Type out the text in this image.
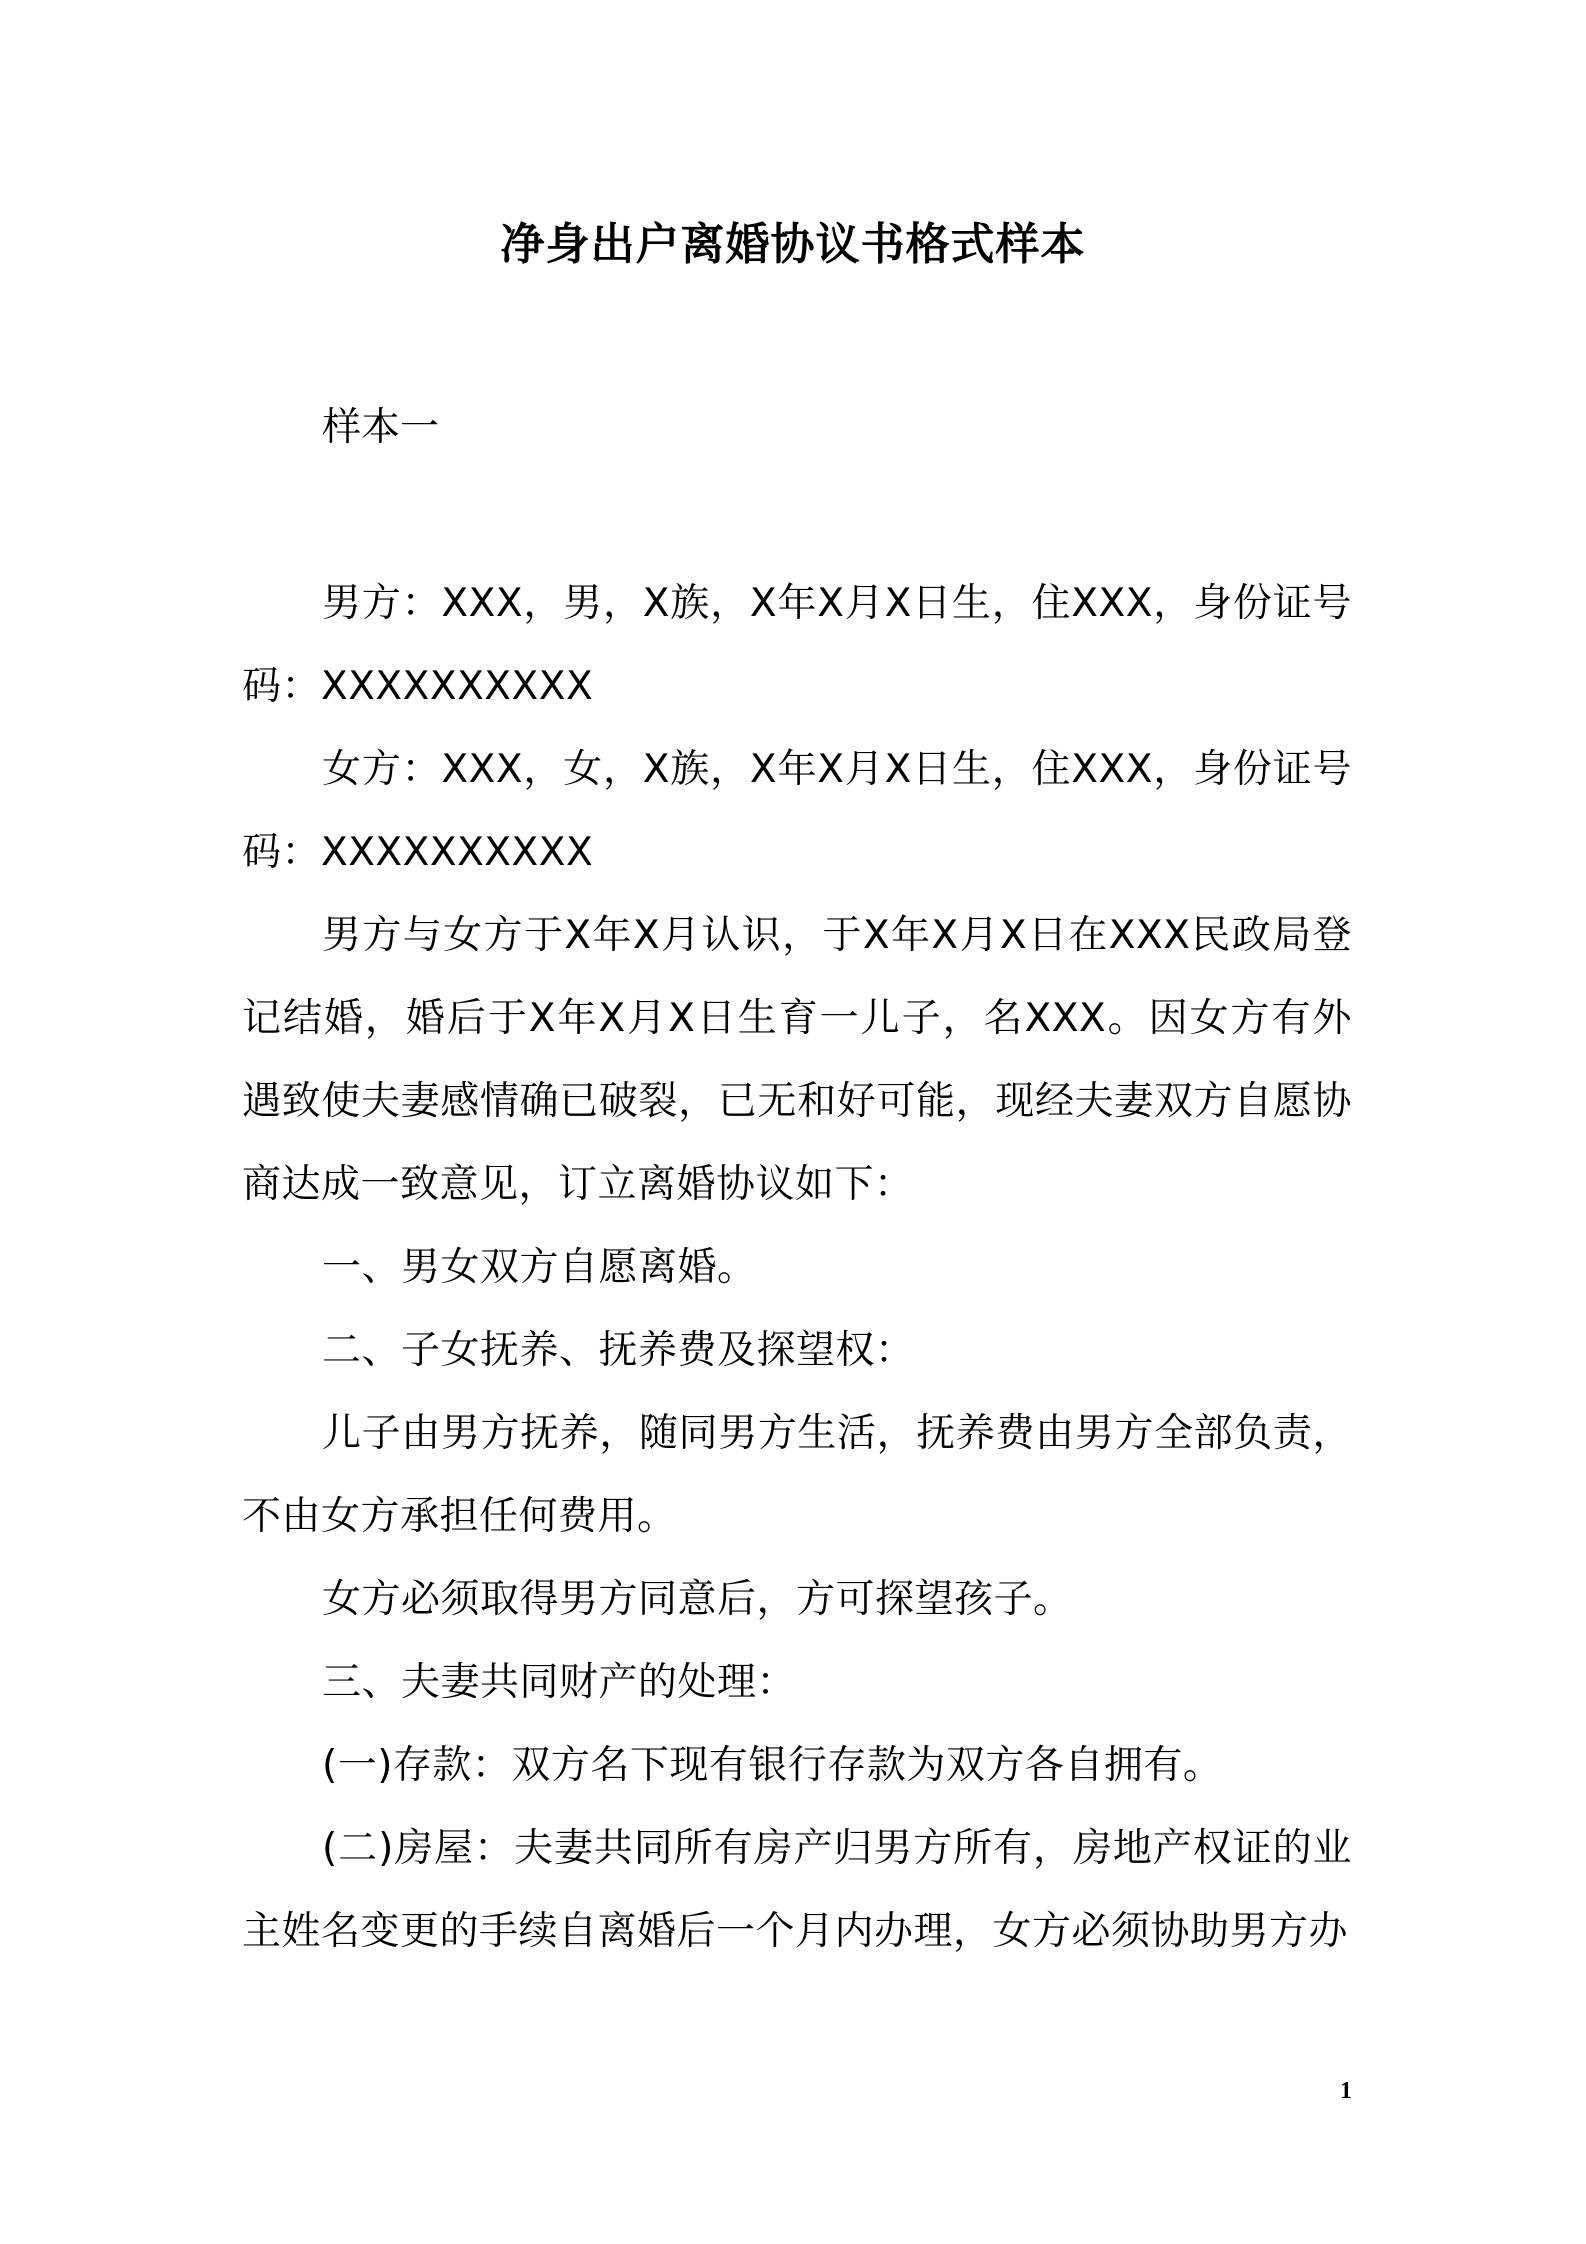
净身出户离婚协议书格式样本
样本一

男方：XXX，男，X族，X年X月X日生，住XXX，身份证号码：XXXXXXXXXX

女方：XXX，女，X族，X年X月X日生，住XXX，身份证号码：XXXXXXXXXX

男方与女方于X年X月认识，于X年X月X日在XXX民政局登记结婚，婚后于X年X月X日生育一儿子，名XXX。因女方有外遇致使夫妻感情确已破裂，已无和好可能，现经夫妻双方自愿协商达成一致意见，订立离婚协议如下：

一、男女双方自愿离婚。

二、子女抚养、抚养费及探望权：

儿子由男方抚养，随同男方生活，抚养费由男方全部负责，不由女方承担任何费用。

女方必须取得男方同意后，方可探望孩子。

三、夫妻共同财产的处理：

(一)存款：双方名下现有银行存款为双方各自拥有。

(二)房屋：夫妻共同所有房产归男方所有，房地产权证的业主姓名变更的手续自离婚后一个月内办理，女方必须协助男方办

1
